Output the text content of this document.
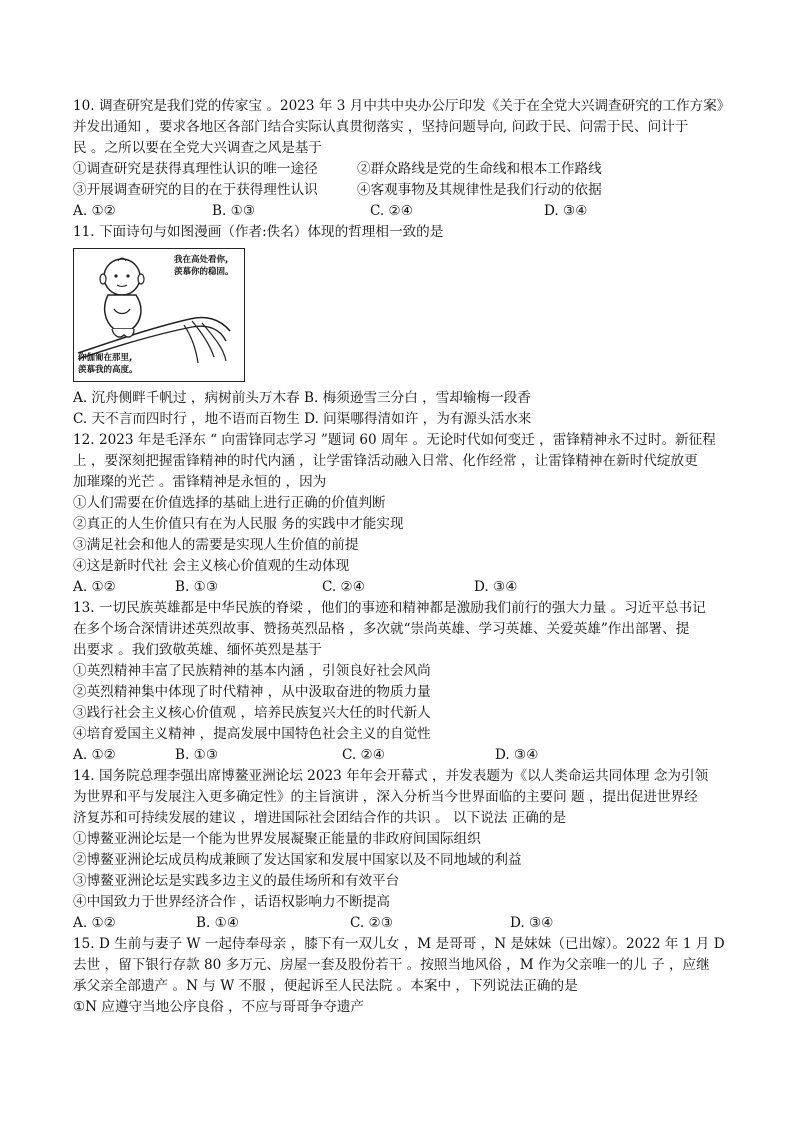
10. 调查研究是我们党的传家宝 。2023 年 3 月中共中央办公厅印发《关于在全党大兴调查研究的工作方案》
并发出通知 ，要求各地区各部门结合实际认真贯彻落实 ，坚持问题导向, 问政于民、问需于民、问计于
民 。之所以要在全党大兴调查之风是基于
①调查研究是获得真理性认识的唯一途径	②群众路线是党的生命线和根本工作路线
③开展调查研究的目的在于获得理性认识	④客观事物及其规律性是我们行动的依据
A. ①②	B. ①③	C. ②④	D. ③④
11. 下面诗句与如图漫画（作者:佚名）体现的哲理相一致的是
我在高处看你,
羡慕你的稳固。
你伽匍在那里,
羡慕我的高度。
A. 沉舟侧畔千帆过 ，病树前头万木春 B. 梅须逊雪三分白 ，雪却输梅一段香
C. 天不言而四时行 ，地不语而百物生 D. 问渠哪得清如许 ，为有源头活水来
12. 2023 年是毛泽东 “ 向雷锋同志学习 ”题词 60 周年 。无论时代如何变迁 ，雷锋精神永不过时。新征程
上 ，要深刻把握雷锋精神的时代内涵 ，让学雷锋活动融入日常、化作经常 ，让雷锋精神在新时代绽放更
加璀璨的光芒 。雷锋精神是永恒的 ，因为
①人们需要在价值选择的基础上进行正确的价值判断
②真正的人生价值只有在为人民服 务的实践中才能实现
③满足社会和他人的需要是实现人生价值的前提
④这是新时代社 会主义核心价值观的生动体现
A. ①②	B. ①③	C. ②④	D. ③④
13. 一切民族英雄都是中华民族的脊梁 ，他们的事迹和精神都是激励我们前行的强大力量 。习近平总书记
在多个场合深情讲述英烈故事、赞扬英烈品格 ，多次就“崇尚英雄、学习英雄、关爱英雄”作出部署、提
出要求 。我们致敬英雄、缅怀英烈是基于
①英烈精神丰富了民族精神的基本内涵 ，引领良好社会风尚
②英烈精神集中体现了时代精神 ，从中汲取奋进的物质力量
③践行社会主义核心价值观 ，培养民族复兴大任的时代新人
④培育爱国主义精神 ，提高发展中国特色社会主义的自觉性
A. ①②	B. ①③	C. ②④	D. ③④
14. 国务院总理李强出席博鳌亚洲论坛 2023 年年会开幕式 ，并发表题为《以人类命运共同体理 念为引领
为世界和平与发展注入更多确定性》的主旨演讲 ，深入分析当今世界面临的主要问 题 ，提出促进世界经
济复苏和可持续发展的建议 ，增进国际社会团结合作的共识 。 以下说法 正确的是
①博鳌亚洲论坛是一个能为世界发展凝聚正能量的非政府间国际组织
②博鳌亚洲论坛成员构成兼顾了发达国家和发展中国家以及不同地域的利益
③博鳌亚洲论坛是实践多边主义的最佳场所和有效平台
④中国致力于世界经济合作 ，话语权影响力不断提高
A. ①②	B. ①④	C. ②③	D. ③④
15. D 生前与妻子 W 一起侍奉母亲 ，膝下有一双儿女 ，M 是哥哥 ，N 是妹妹（已出嫁）。2022 年 1 月 D
去世 ，留下银行存款 80 多万元、房屋一套及股份若干 。按照当地风俗 ，M 作为父亲唯一的儿 子 ，应继
承父亲全部遗产 。N 与 W 不服 ，便起诉至人民法院 。本案中 ，下列说法正确的是
①N 应遵守当地公序良俗 ，不应与哥哥争夺遗产
